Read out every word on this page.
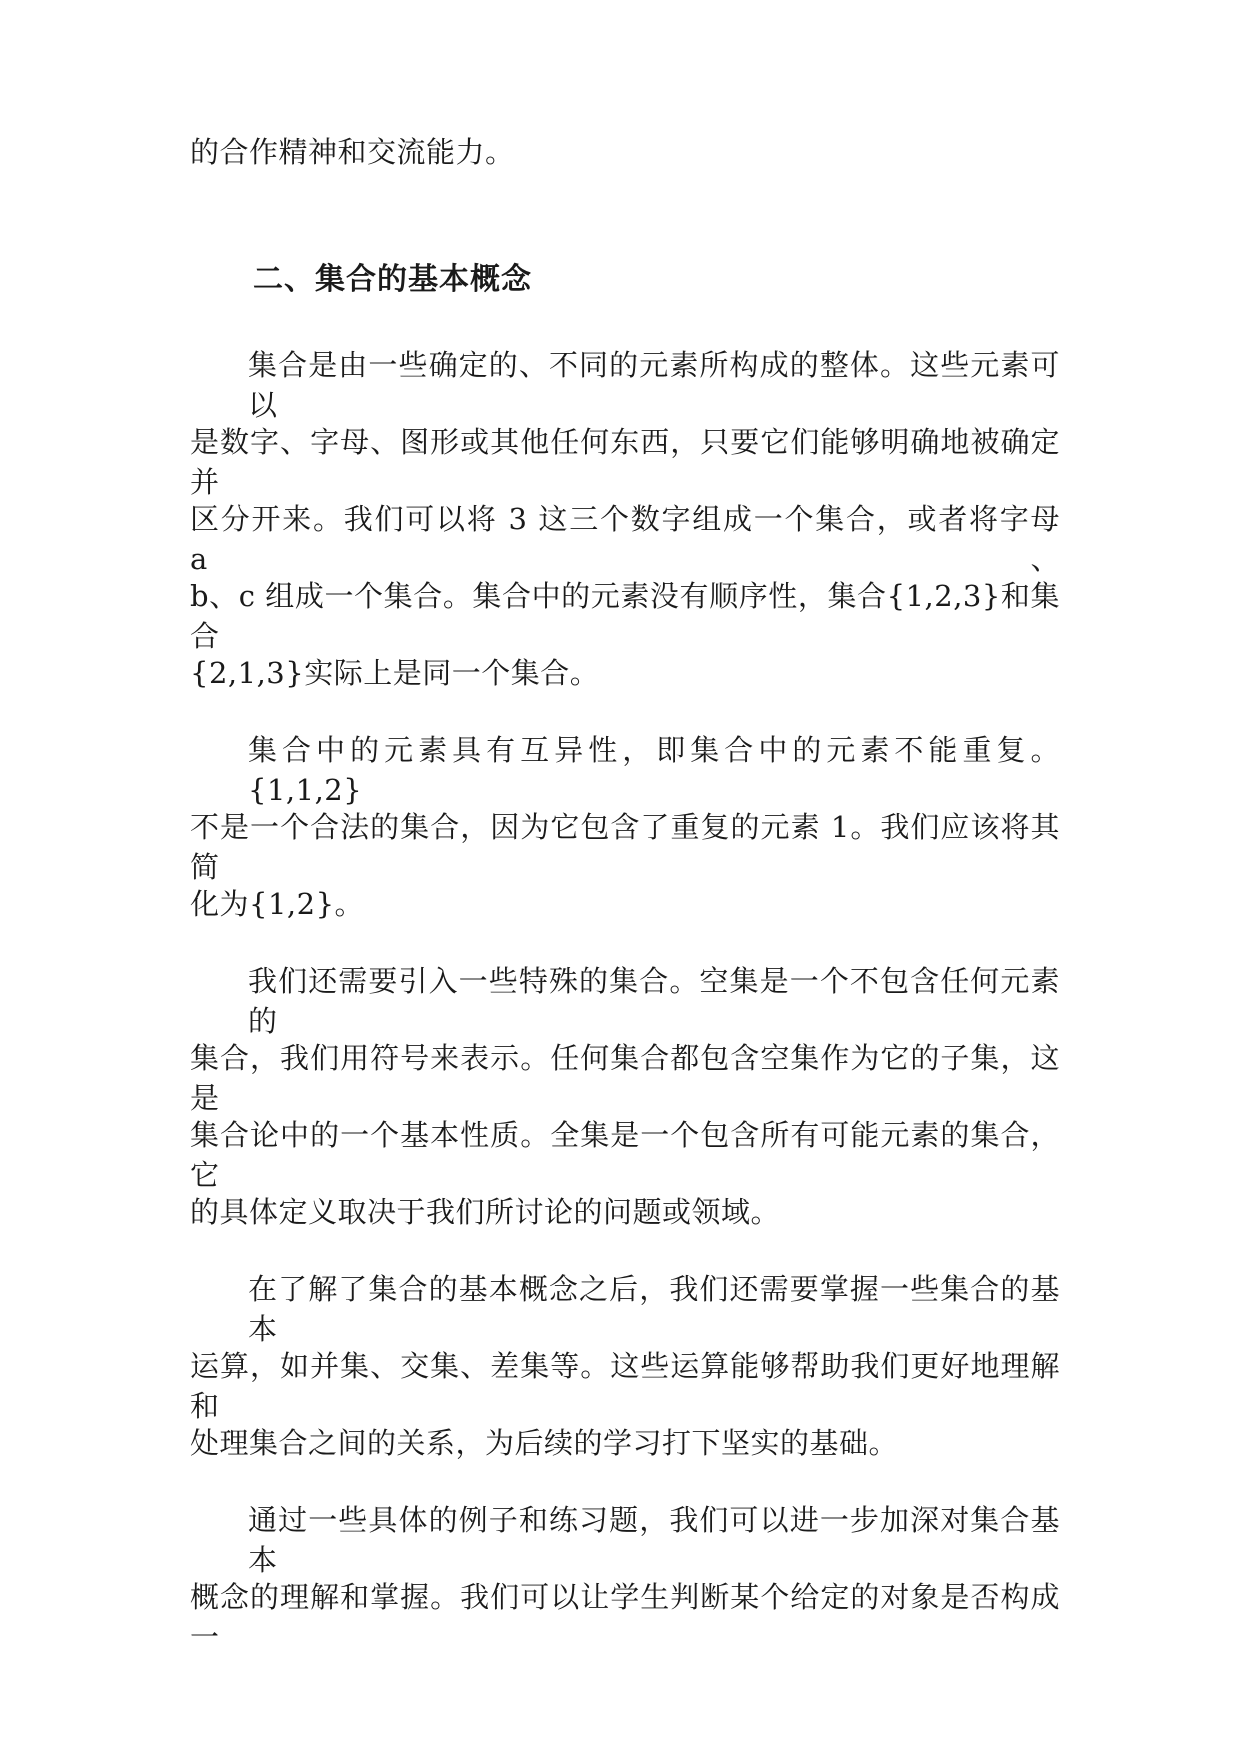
的合作精神和交流能力。
二、集合的基本概念
集合是由一些确定的、不同的元素所构成的整体。这些元素可以
是数字、字母、图形或其他任何东西，只要它们能够明确地被确定并
区分开来。我们可以将 3 这三个数字组成一个集合，或者将字母 a、
b、c 组成一个集合。集合中的元素没有顺序性，集合{1,2,3}和集合
{2,1,3}实际上是同一个集合。
集合中的元素具有互异性，即集合中的元素不能重复。{1,1,2}
不是一个合法的集合，因为它包含了重复的元素 1。我们应该将其简
化为{1,2}。
我们还需要引入一些特殊的集合。空集是一个不包含任何元素的
集合，我们用符号来表示。任何集合都包含空集作为它的子集，这是
集合论中的一个基本性质。全集是一个包含所有可能元素的集合，它
的具体定义取决于我们所讨论的问题或领域。
在了解了集合的基本概念之后，我们还需要掌握一些集合的基本
运算，如并集、交集、差集等。这些运算能够帮助我们更好地理解和
处理集合之间的关系，为后续的学习打下坚实的基础。
通过一些具体的例子和练习题，我们可以进一步加深对集合基本
概念的理解和掌握。我们可以让学生判断某个给定的对象是否构成一
